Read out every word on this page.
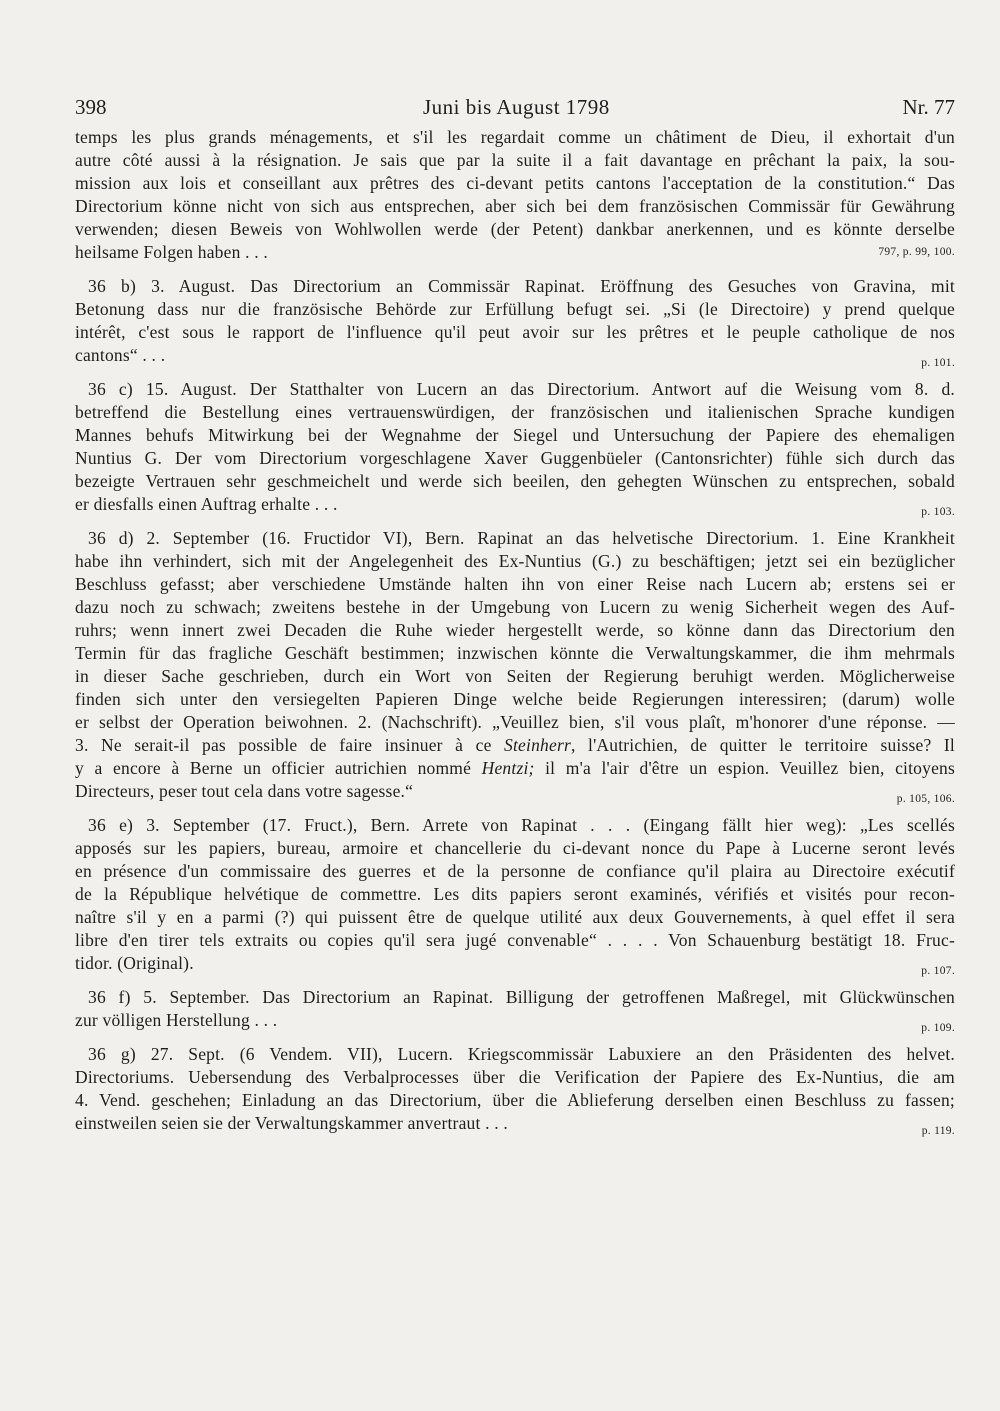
398	Juni bis August 1798	Nr. 77
temps les plus grands ménagements, et s'il les regardait comme un châtiment de Dieu, il exhortait d'un
autre côté aussi à la résignation. Je sais que par la suite il a fait davantage en prêchant la paix, la sou-
mission aux lois et conseillant aux prêtres des ci-devant petits cantons l'acceptation de la constitution.“ Das
Directorium könne nicht von sich aus entsprechen, aber sich bei dem französischen Commissär für Gewährung
verwenden; diesen Beweis von Wohlwollen werde (der Petent) dankbar anerkennen, und es könnte derselbe
heilsame Folgen haben . . .	797, p. 99, 100.
36 b) 3. August. Das Directorium an Commissär Rapinat. Eröffnung des Gesuches von Gravina, mit
Betonung dass nur die französische Behörde zur Erfüllung befugt sei. „Si (le Directoire) y prend quelque
intérêt, c'est sous le rapport de l'influence qu'il peut avoir sur les prêtres et le peuple catholique de nos
cantons“ . . .	p. 101.
36 c) 15. August. Der Statthalter von Lucern an das Directorium. Antwort auf die Weisung vom 8. d.
betreffend die Bestellung eines vertrauenswürdigen, der französischen und italienischen Sprache kundigen
Mannes behufs Mitwirkung bei der Wegnahme der Siegel und Untersuchung der Papiere des ehemaligen
Nuntius G. Der vom Directorium vorgeschlagene Xaver Guggenbüeler (Cantonsrichter) fühle sich durch das
bezeigte Vertrauen sehr geschmeichelt und werde sich beeilen, den gehegten Wünschen zu entsprechen, sobald
er diesfalls einen Auftrag erhalte . . .	p. 103.
36 d) 2. September (16. Fructidor VI), Bern. Rapinat an das helvetische Directorium. 1. Eine Krankheit
habe ihn verhindert, sich mit der Angelegenheit des Ex-Nuntius (G.) zu beschäftigen; jetzt sei ein bezüglicher
Beschluss gefasst; aber verschiedene Umstände halten ihn von einer Reise nach Lucern ab; erstens sei er
dazu noch zu schwach; zweitens bestehe in der Umgebung von Lucern zu wenig Sicherheit wegen des Auf-
ruhrs; wenn innert zwei Decaden die Ruhe wieder hergestellt werde, so könne dann das Directorium den
Termin für das fragliche Geschäft bestimmen; inzwischen könnte die Verwaltungskammer, die ihm mehrmals
in dieser Sache geschrieben, durch ein Wort von Seiten der Regierung beruhigt werden. Möglicherweise
finden sich unter den versiegelten Papieren Dinge welche beide Regierungen interessiren; (darum) wolle
er selbst der Operation beiwohnen. 2. (Nachschrift). „Veuillez bien, s'il vous plaît, m'honorer d'une réponse. —
3. Ne serait-il pas possible de faire insinuer à ce Steinherr, l'Autrichien, de quitter le territoire suisse? Il
y a encore à Berne un officier autrichien nommé Hentzi; il m'a l'air d'être un espion. Veuillez bien, citoyens
Directeurs, peser tout cela dans votre sagesse.“	p. 105, 106.
36 e) 3. September (17. Fruct.), Bern. Arrete von Rapinat . . . (Eingang fällt hier weg): „Les scellés
apposés sur les papiers, bureau, armoire et chancellerie du ci-devant nonce du Pape à Lucerne seront levés
en présence d'un commissaire des guerres et de la personne de confiance qu'il plaira au Directoire exécutif
de la République helvétique de commettre. Les dits papiers seront examinés, vérifiés et visités pour recon-
naître s'il y en a parmi (?) qui puissent être de quelque utilité aux deux Gouvernements, à quel effet il sera
libre d'en tirer tels extraits ou copies qu'il sera jugé convenable“ . . . . Von Schauenburg bestätigt 18. Fruc-
tidor. (Original).	p. 107.
36 f) 5. September. Das Directorium an Rapinat. Billigung der getroffenen Maßregel, mit Glückwünschen
zur völligen Herstellung . . .	p. 109.
36 g) 27. Sept. (6 Vendem. VII), Lucern. Kriegscommissär Labuxiere an den Präsidenten des helvet.
Directoriums. Uebersendung des Verbalprocesses über die Verification der Papiere des Ex-Nuntius, die am
4. Vend. geschehen; Einladung an das Directorium, über die Ablieferung derselben einen Beschluss zu fassen;
einstweilen seien sie der Verwaltungskammer anvertraut . . .	p. 119.
